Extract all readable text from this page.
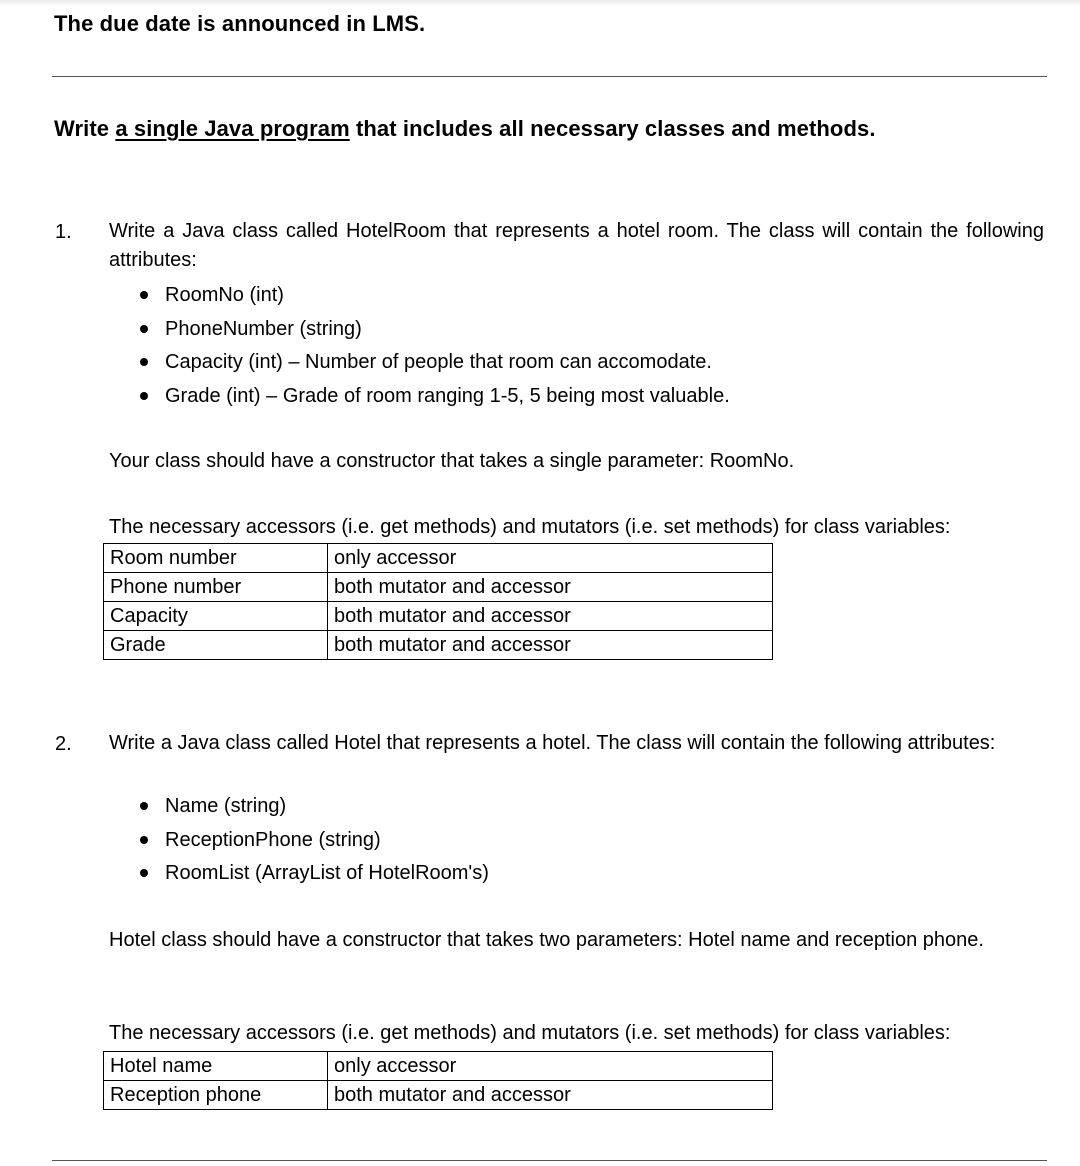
The due date is announced in LMS.
Write a single Java program that includes all necessary classes and methods.
1. Write a Java class called HotelRoom that represents a hotel room. The class will contain the following attributes:
RoomNo (int)
PhoneNumber (string)
Capacity (int) – Number of people that room can accomodate.
Grade (int) – Grade of room ranging 1-5, 5 being most valuable.
Your class should have a constructor that takes a single parameter: RoomNo.
The necessary accessors (i.e. get methods) and mutators (i.e. set methods) for class variables:
Room number	only accessor
Phone number	both mutator and accessor
Capacity	both mutator and accessor
Grade	both mutator and accessor
2. Write a Java class called Hotel that represents a hotel. The class will contain the following attributes:
Name (string)
ReceptionPhone (string)
RoomList (ArrayList of HotelRoom's)
Hotel class should have a constructor that takes two parameters: Hotel name and reception phone.
The necessary accessors (i.e. get methods) and mutators (i.e. set methods) for class variables:
Hotel name	only accessor
Reception phone	both mutator and accessor
